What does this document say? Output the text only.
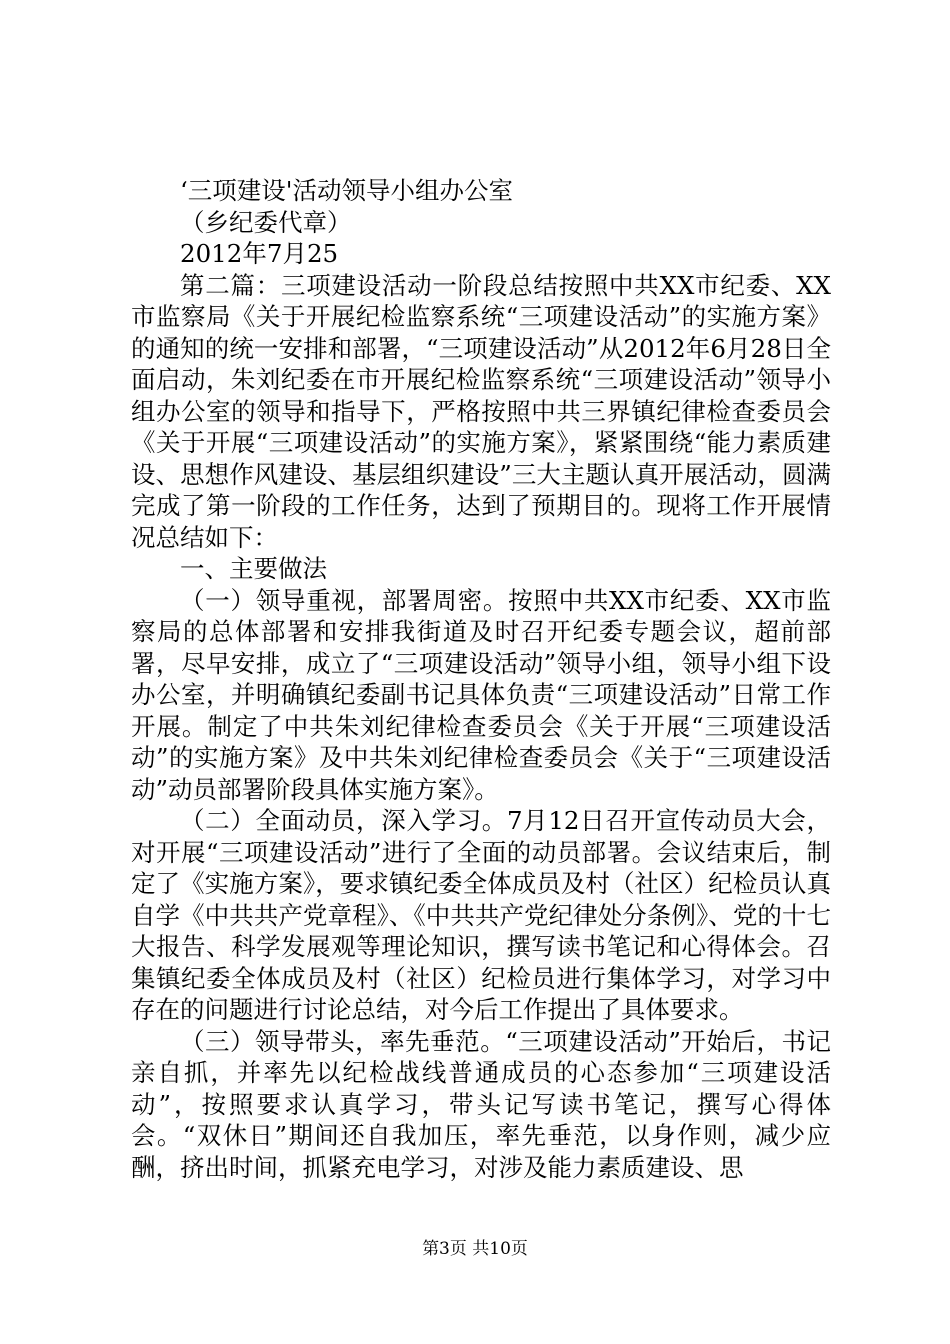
‘三项建设'活动领导小组办公室

（乡纪委代章）

2012年7月25

第二篇：三项建设活动一阶段总结按照中共XX市纪委、XX市监察局《关于开展纪检监察系统“三项建设活动”的实施方案》的通知的统一安排和部署，“三项建设活动”从2012年6月28日全面启动，朱刘纪委在市开展纪检监察系统“三项建设活动”领导小组办公室的领导和指导下，严格按照中共三界镇纪律检查委员会《关于开展“三项建设活动”的实施方案》，紧紧围绕“能力素质建设、思想作风建设、基层组织建设”三大主题认真开展活动，圆满完成了第一阶段的工作任务，达到了预期目的。现将工作开展情况总结如下：

一、主要做法

（一）领导重视，部署周密。按照中共XX市纪委、XX市监察局的总体部署和安排我街道及时召开纪委专题会议，超前部署，尽早安排，成立了“三项建设活动”领导小组，领导小组下设办公室，并明确镇纪委副书记具体负责“三项建设活动”日常工作开展。制定了中共朱刘纪律检查委员会《关于开展“三项建设活动”的实施方案》及中共朱刘纪律检查委员会《关于“三项建设活动”动员部署阶段具体实施方案》。

（二）全面动员，深入学习。7月12日召开宣传动员大会，对开展“三项建设活动”进行了全面的动员部署。会议结束后，制定了《实施方案》，要求镇纪委全体成员及村（社区）纪检员认真自学《中共共产党章程》、《中共共产党纪律处分条例》、党的十七大报告、科学发展观等理论知识，撰写读书笔记和心得体会。召集镇纪委全体成员及村（社区）纪检员进行集体学习，对学习中存在的问题进行讨论总结，对今后工作提出了具体要求。

（三）领导带头，率先垂范。“三项建设活动”开始后，书记亲自抓，并率先以纪检战线普通成员的心态参加“三项建设活动”，按照要求认真学习，带头记写读书笔记，撰写心得体会。“双休日”期间还自我加压，率先垂范，以身作则，减少应酬，挤出时间，抓紧充电学习，对涉及能力素质建设、思

第3页 共10页
